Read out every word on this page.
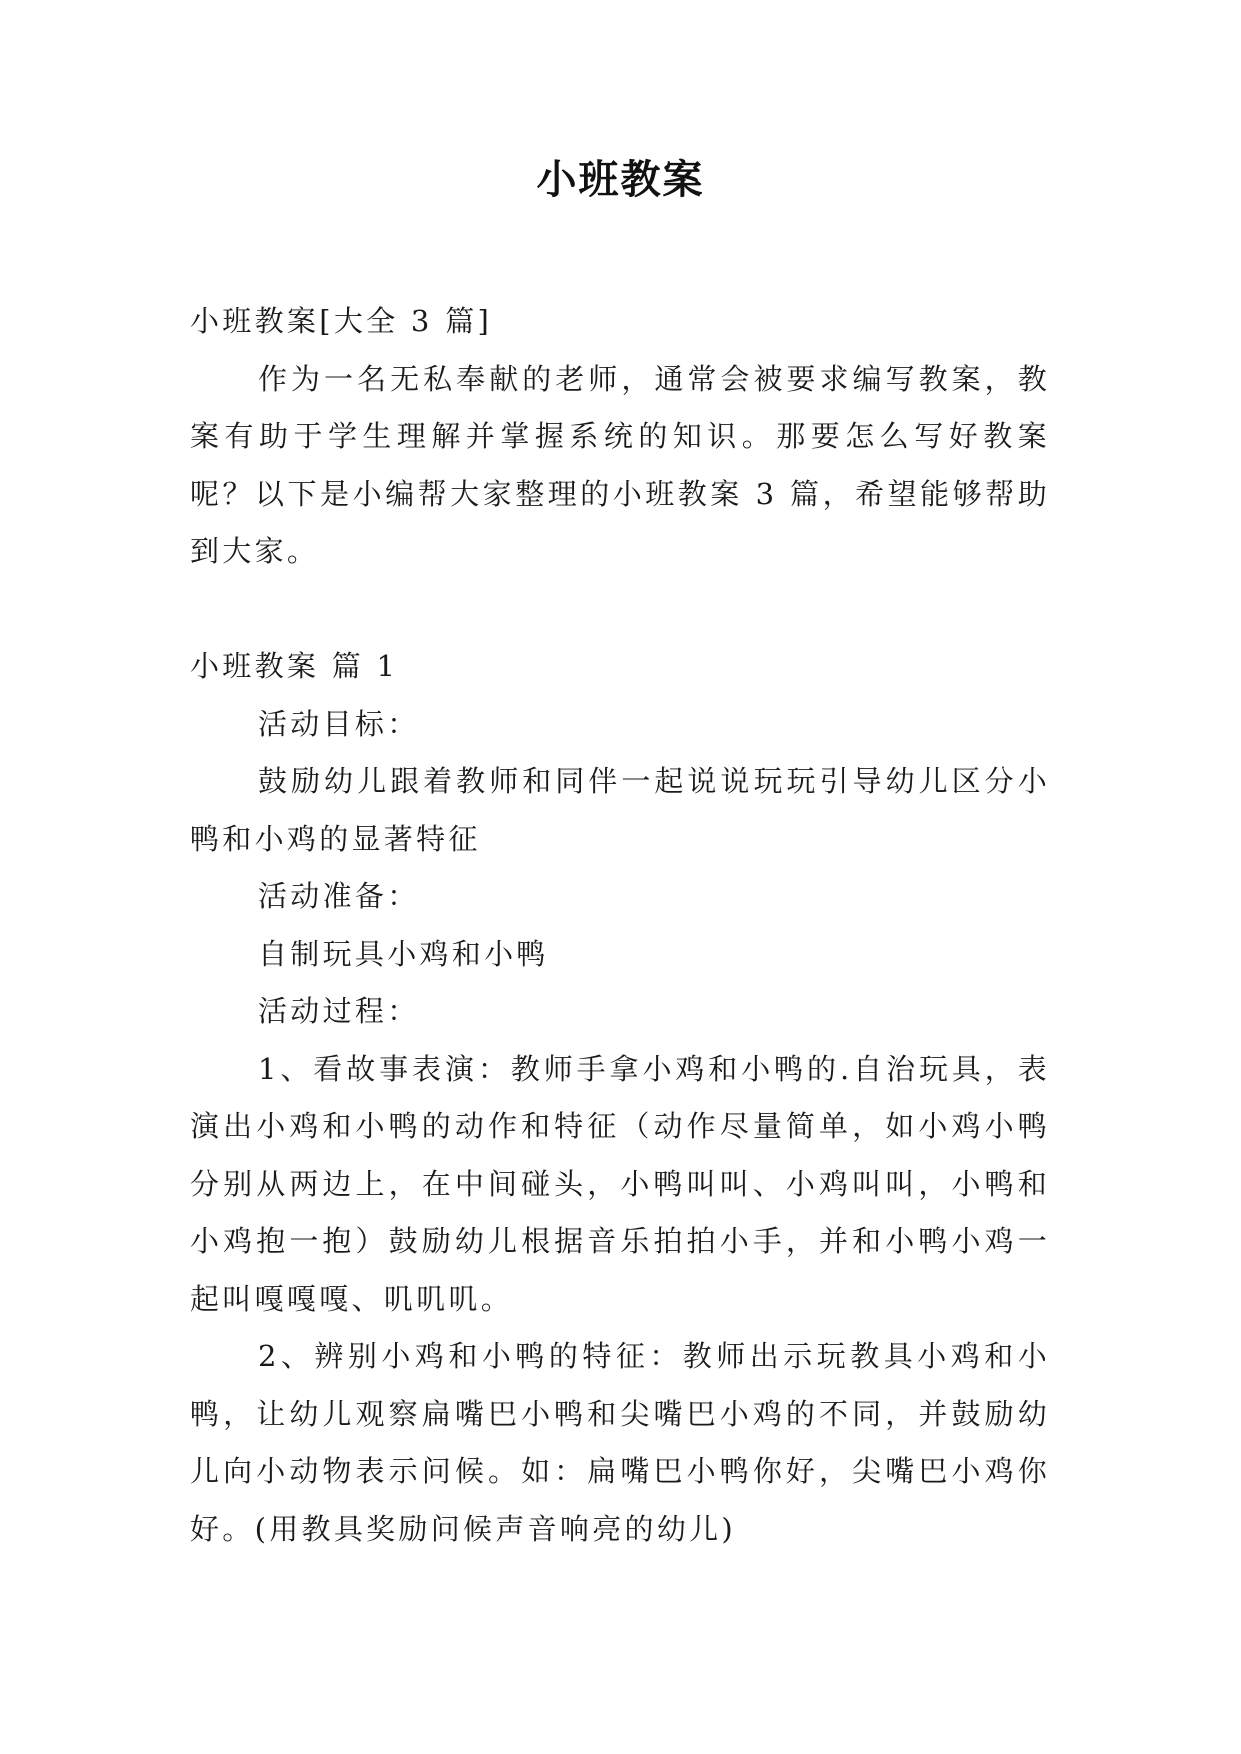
小班教案

小班教案[大全 3 篇]

作为一名无私奉献的老师，通常会被要求编写教案，教案有助于学生理解并掌握系统的知识。那要怎么写好教案呢？以下是小编帮大家整理的小班教案 3 篇，希望能够帮助到大家。

小班教案 篇 1

活动目标：

鼓励幼儿跟着教师和同伴一起说说玩玩引导幼儿区分小鸭和小鸡的显著特征

活动准备：

自制玩具小鸡和小鸭

活动过程：

1、看故事表演：教师手拿小鸡和小鸭的.自治玩具，表演出小鸡和小鸭的动作和特征（动作尽量简单，如小鸡小鸭分别从两边上，在中间碰头，小鸭叫叫、小鸡叫叫，小鸭和小鸡抱一抱）鼓励幼儿根据音乐拍拍小手，并和小鸭小鸡一起叫嘎嘎嘎、叽叽叽。

2、辨别小鸡和小鸭的特征：教师出示玩教具小鸡和小鸭，让幼儿观察扁嘴巴小鸭和尖嘴巴小鸡的不同，并鼓励幼儿向小动物表示问候。如：扁嘴巴小鸭你好，尖嘴巴小鸡你好。(用教具奖励问候声音响亮的幼儿)
